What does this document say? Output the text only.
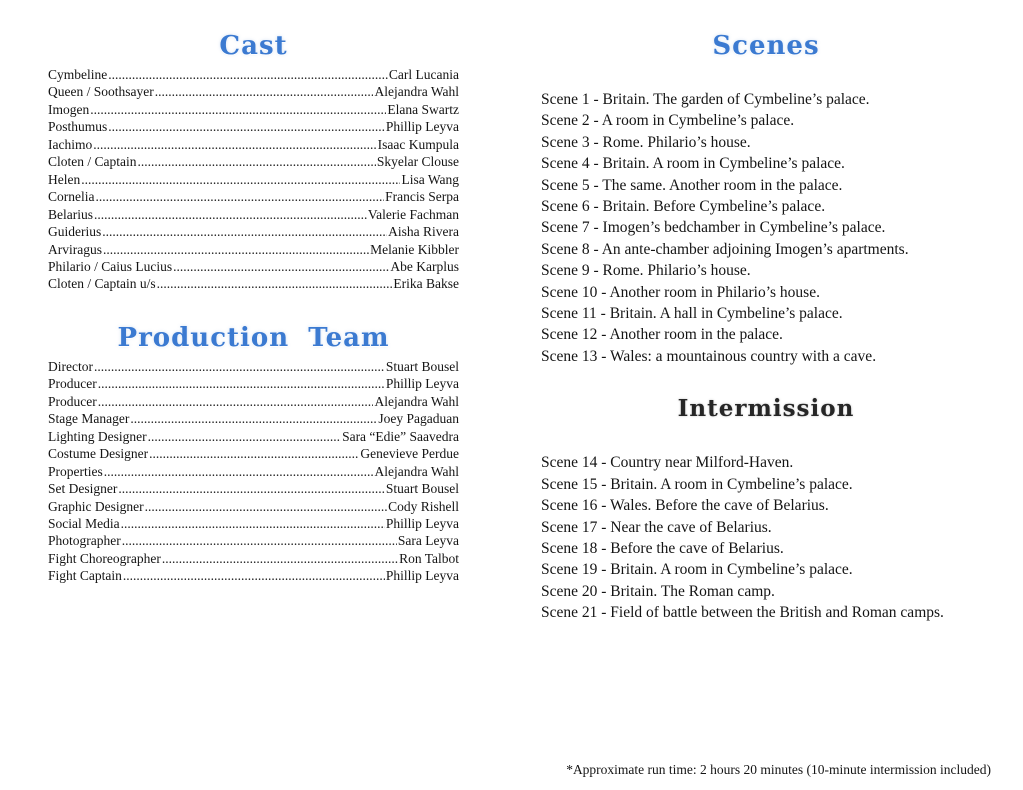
Cast
Cymbeline .....	Carl Lucania
Queen / Soothsayer .....	Alejandra Wahl
Imogen .....	Elana Swartz
Posthumus .....	Phillip Leyva
Iachimo .....	Isaac Kumpula
Cloten / Captain .....	Skyelar Clouse
Helen .....	Lisa Wang
Cornelia .....	Francis Serpa
Belarius .....	Valerie Fachman
Guiderius .....	Aisha Rivera
Arviragus .....	Melanie Kibbler
Philario / Caius Lucius .....	Abe Karplus
Cloten / Captain u/s .....	Erika Bakse
Production Team
Director .....	Stuart Bousel
Producer .....	Phillip Leyva
Producer .....	Alejandra Wahl
Stage Manager .....	Joey Pagaduan
Lighting Designer .....	Sara “Edie” Saavedra
Costume Designer .....	Genevieve Perdue
Properties .....	Alejandra Wahl
Set Designer .....	Stuart Bousel
Graphic Designer .....	Cody Rishell
Social Media .....	Phillip Leyva
Photographer .....	Sara Leyva
Fight Choreographer .....	Ron Talbot
Fight Captain .....	Phillip Leyva
Scenes
Scene 1 - Britain. The garden of Cymbeline’s palace.
Scene 2 - A room in Cymbeline’s palace.
Scene 3 - Rome. Philario’s house.
Scene 4 - Britain. A room in Cymbeline’s palace.
Scene 5 - The same. Another room in the palace.
Scene 6 - Britain. Before Cymbeline’s palace.
Scene 7 - Imogen’s bedchamber in Cymbeline’s palace.
Scene 8 - An ante-chamber adjoining Imogen’s apartments.
Scene 9 - Rome. Philario’s house.
Scene 10 - Another room in Philario’s house.
Scene 11 - Britain. A hall in Cymbeline’s palace.
Scene 12 - Another room in the palace.
Scene 13 - Wales: a mountainous country with a cave.
Intermission
Scene 14 - Country near Milford-Haven.
Scene 15 - Britain. A room in Cymbeline’s palace.
Scene 16 - Wales. Before the cave of Belarius.
Scene 17 - Near the cave of Belarius.
Scene 18 - Before the cave of Belarius.
Scene 19 - Britain. A room in Cymbeline’s palace.
Scene 20 - Britain. The Roman camp.
Scene 21 - Field of battle between the British and Roman camps.
*Approximate run time: 2 hours 20 minutes (10-minute intermission included)
